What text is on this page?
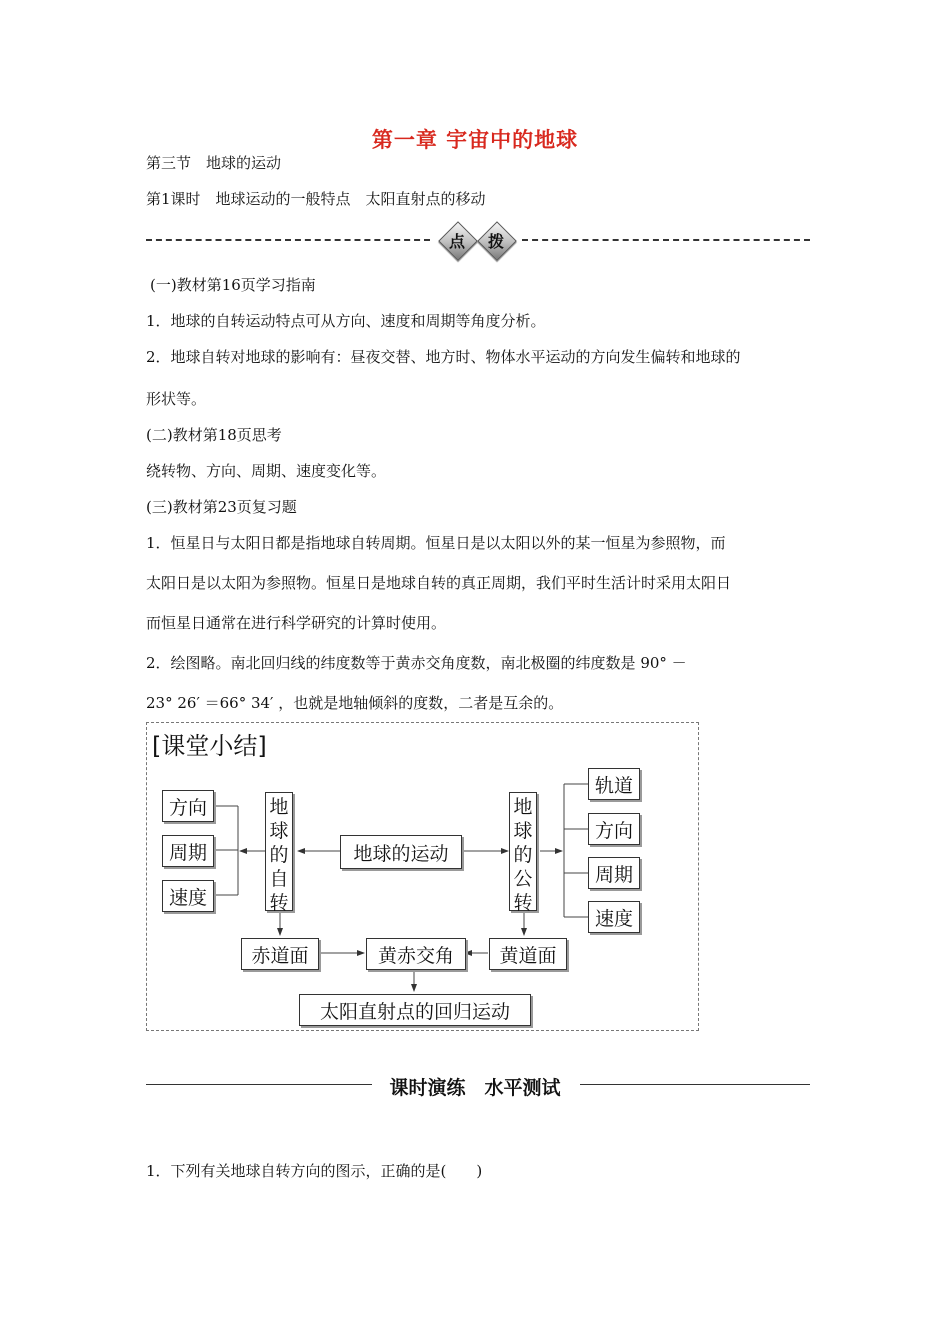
第一章 宇宙中的地球
第三节　地球的运动
第1课时　地球运动的一般特点　太阳直射点的移动
点	拨
(一)教材第16页学习指南
1．地球的自转运动特点可从方向、速度和周期等角度分析。
2．地球自转对地球的影响有：昼夜交替、地方时、物体水平运动的方向发生偏转和地球的
形状等。
(二)教材第18页思考
绕转物、方向、周期、速度变化等。
(三)教材第23页复习题
1．恒星日与太阳日都是指地球自转周期。恒星日是以太阳以外的某一恒星为参照物，而
太阳日是以太阳为参照物。恒星日是地球自转的真正周期，我们平时生活计时采用太阳日
而恒星日通常在进行科学研究的计算时使用。
2．绘图略。南北回归线的纬度数等于黄赤交角度数，南北极圈的纬度数是 90° －
23° 26′ ＝66° 34′ ，也就是地轴倾斜的度数，二者是互余的。
[课堂小结]
方向
周期
速度
地
球
的
自
转
地球的运动
地
球
的
公
转
轨道
方向
周期
速度
赤道面	黄赤交角	黄道面
太阳直射点的回归运动
课时演练　水平测试
1．下列有关地球自转方向的图示，正确的是(　　)
